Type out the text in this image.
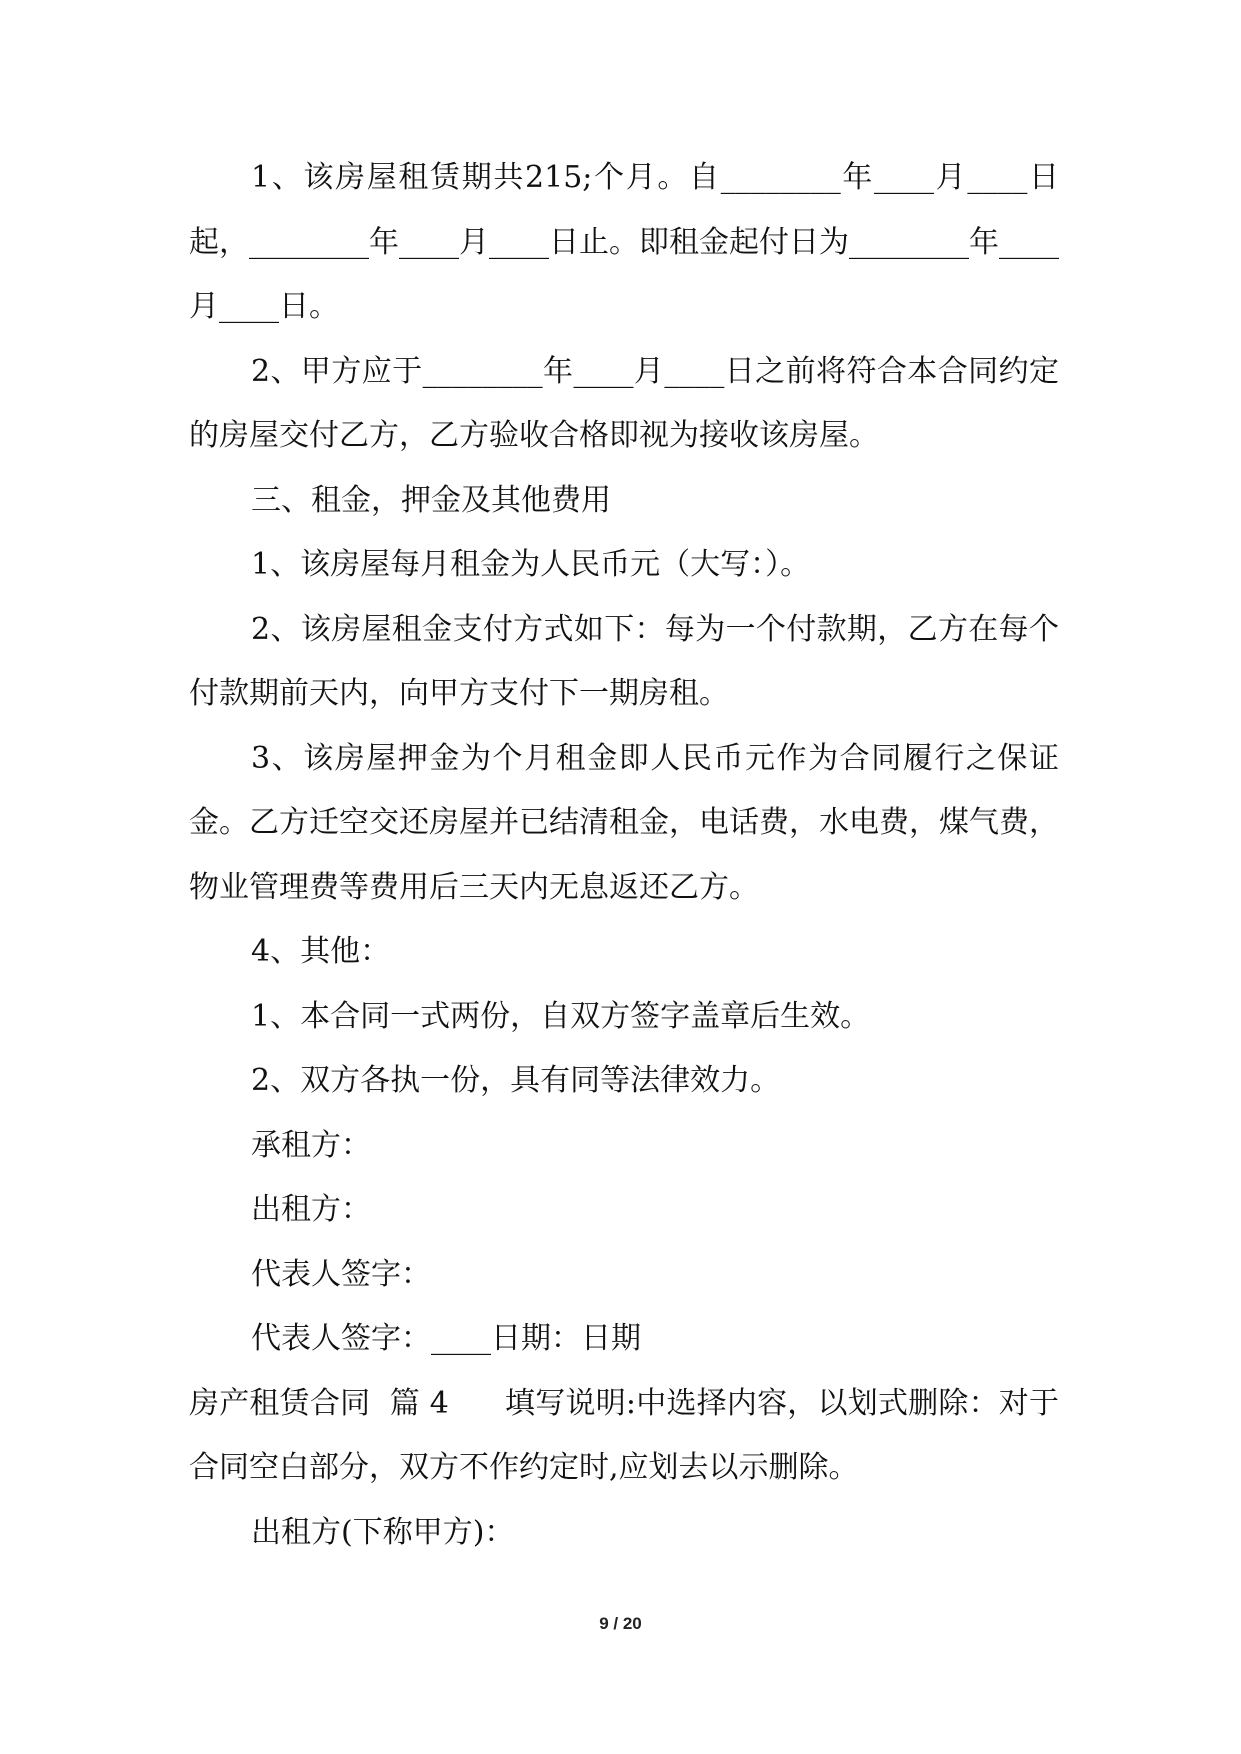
1、该房屋租赁期共215;个月。自________年____月____日起，________年____月____日止。即租金起付日为________年____月____日。

2、甲方应于________年____月____日之前将符合本合同约定的房屋交付乙方，乙方验收合格即视为接收该房屋。

三、租金，押金及其他费用

1、该房屋每月租金为人民币元（大写：）。

2、该房屋租金支付方式如下：每为一个付款期，乙方在每个付款期前天内，向甲方支付下一期房租。

3、该房屋押金为个月租金即人民币元作为合同履行之保证金。乙方迁空交还房屋并已结清租金，电话费，水电费，煤气费，物业管理费等费用后三天内无息返还乙方。

4、其他：

1、本合同一式两份，自双方签字盖章后生效。

2、双方各执一份，具有同等法律效力。

承租方：

出租方：

代表人签字：

代表人签字：____日期：日期

房产租赁合同  篇 4 填写说明:中选择内容，以划式删除：对于合同空白部分，双方不作约定时,应划去以示删除。

出租方(下称甲方)：

9 / 20
